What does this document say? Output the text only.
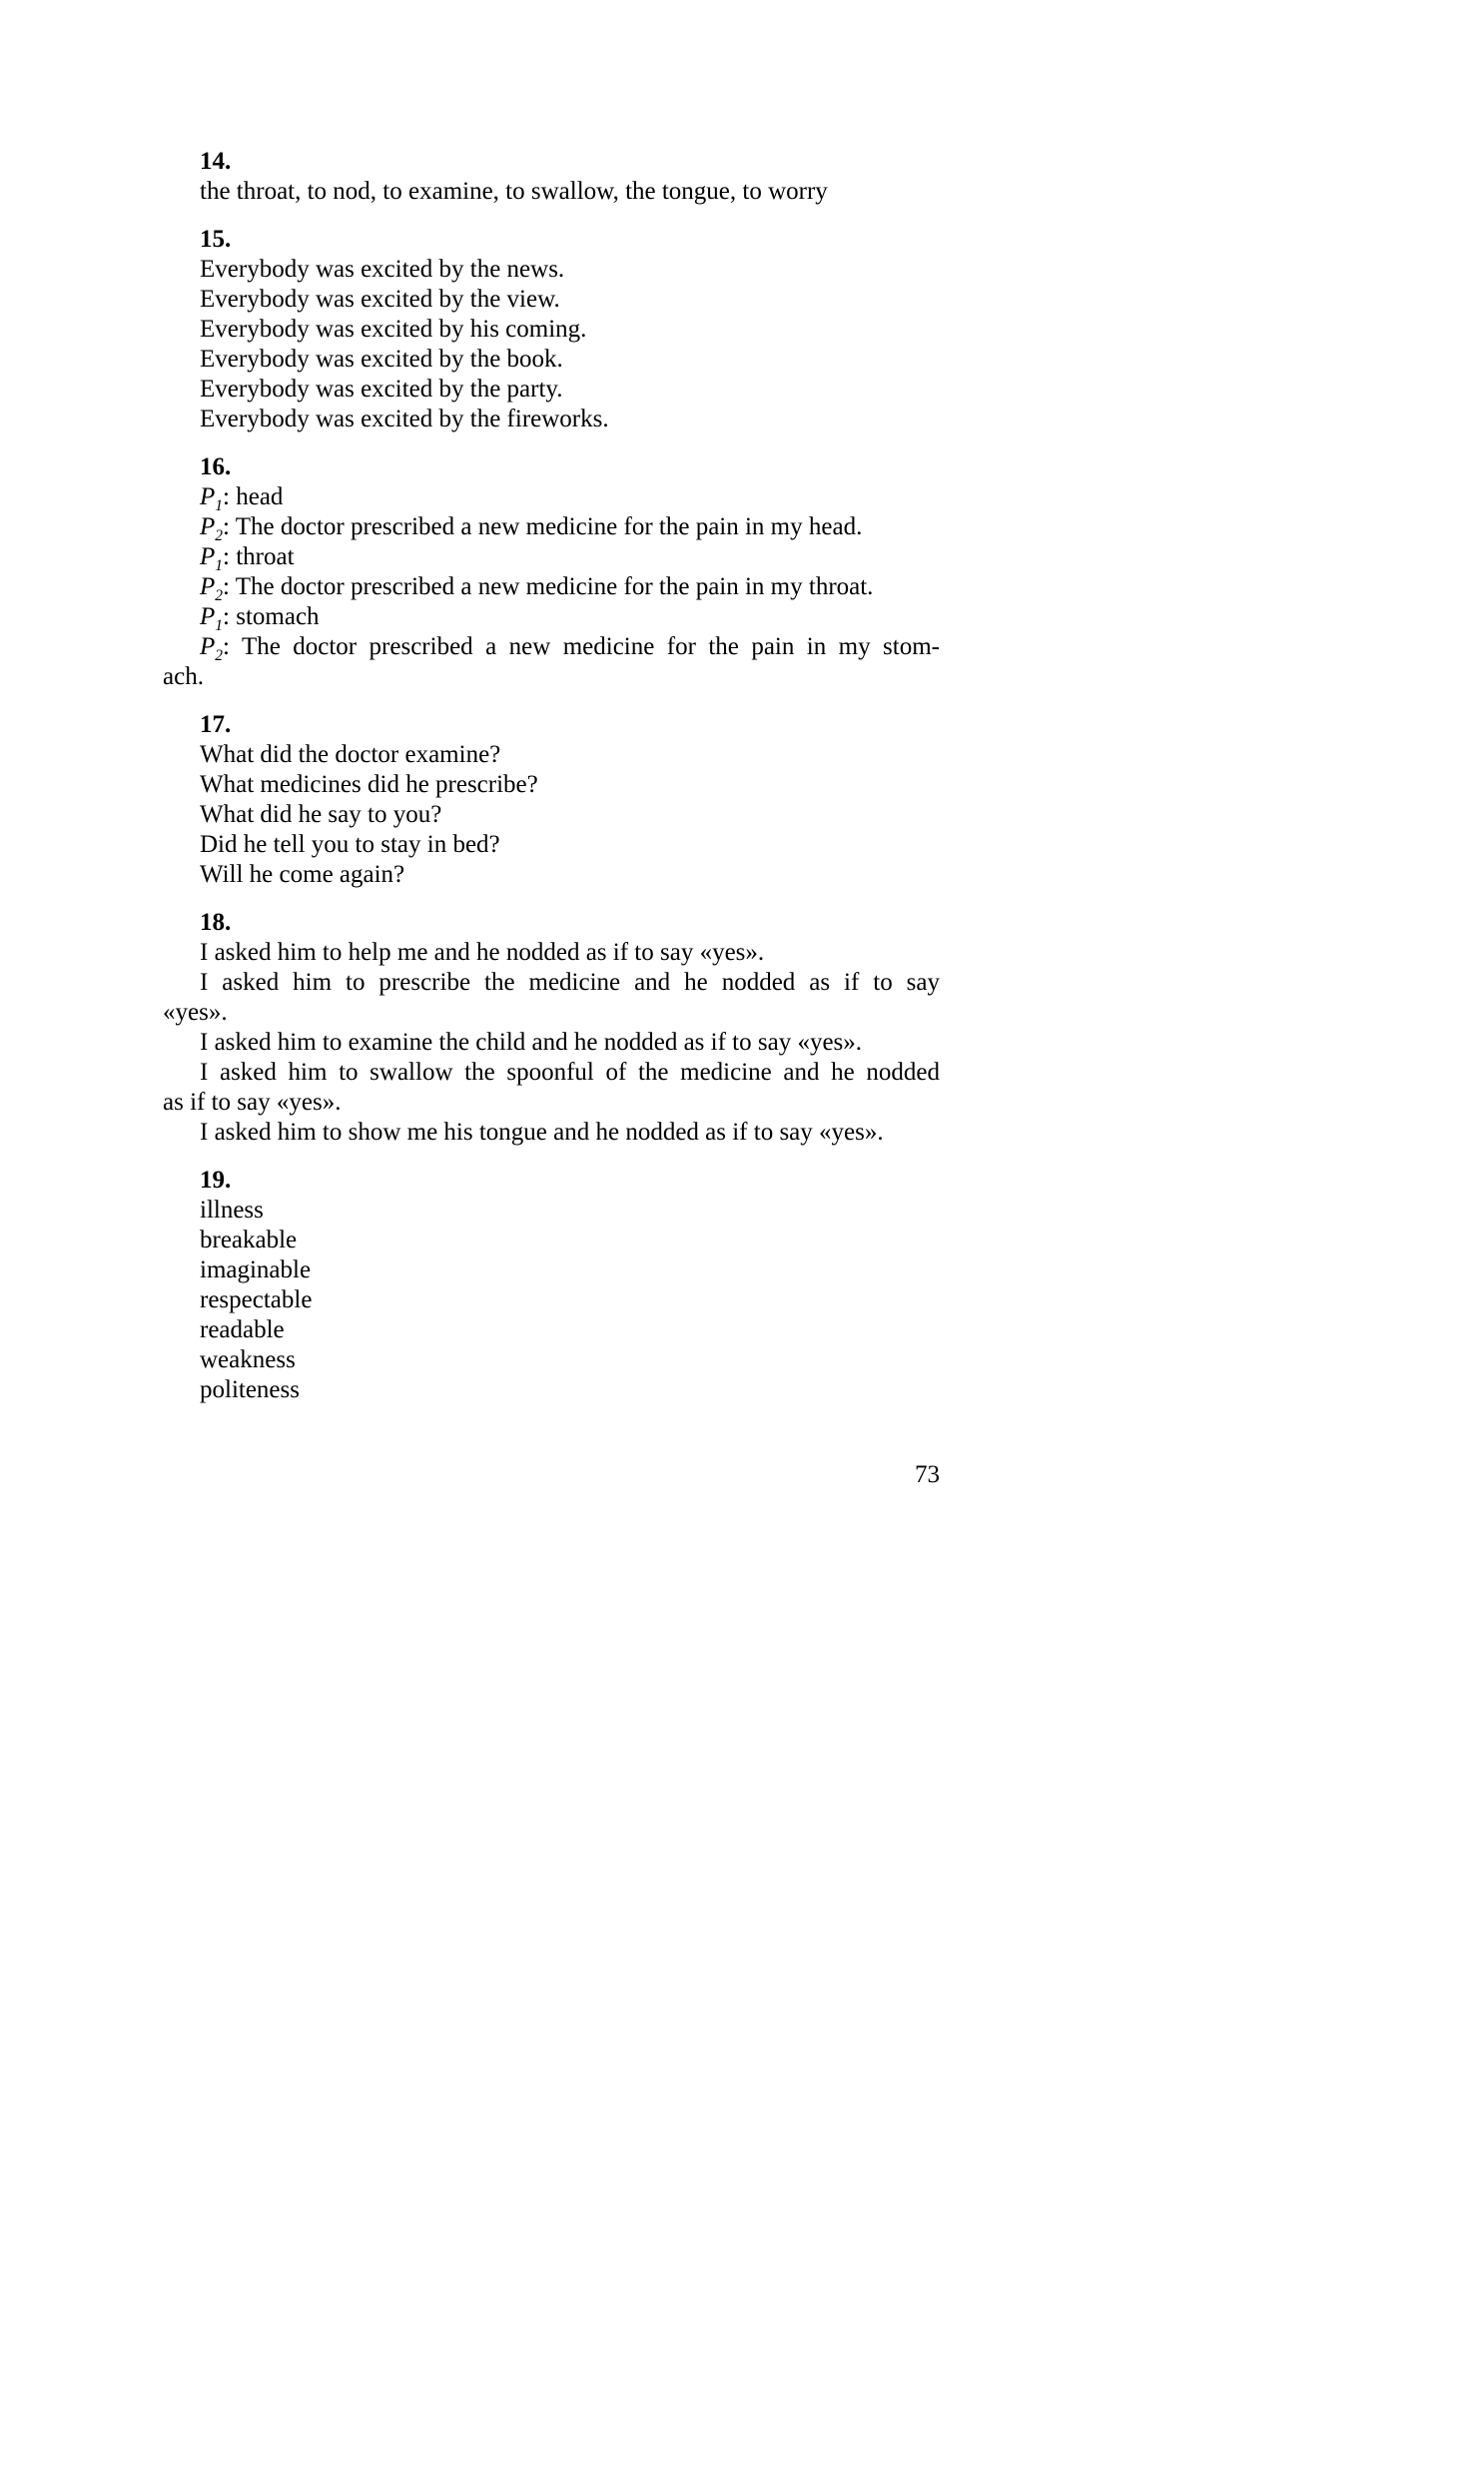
14.

the throat, to nod, to examine, to swallow, the tongue, to worry

15.

Everybody was excited by the news.

Everybody was excited by the view.

Everybody was excited by his coming.

Everybody was excited by the book.

Everybody was excited by the party.

Everybody was excited by the fireworks.

16.

$P_1$: head

$P_2$: The doctor prescribed a new medicine for the pain in my head.

$P_1$: throat

$P_2$: The doctor prescribed a new medicine for the pain in my throat.

$P_1$: stomach

$P_2$: The doctor prescribed a new medicine for the pain in my stom-

ach.

17.

What did the doctor examine?

What medicines did he prescribe?

What did he say to you?

Did he tell you to stay in bed?

Will he come again?

18.

I asked him to help me and he nodded as if to say «yes».

I asked him to prescribe the medicine and he nodded as if to say

«yes».

I asked him to examine the child and he nodded as if to say «yes».

I asked him to swallow the spoonful of the medicine and he nodded

as if to say «yes».

I asked him to show me his tongue and he nodded as if to say «yes».

19.

illness

breakable

imaginable

respectable

readable

weakness

politeness

73
